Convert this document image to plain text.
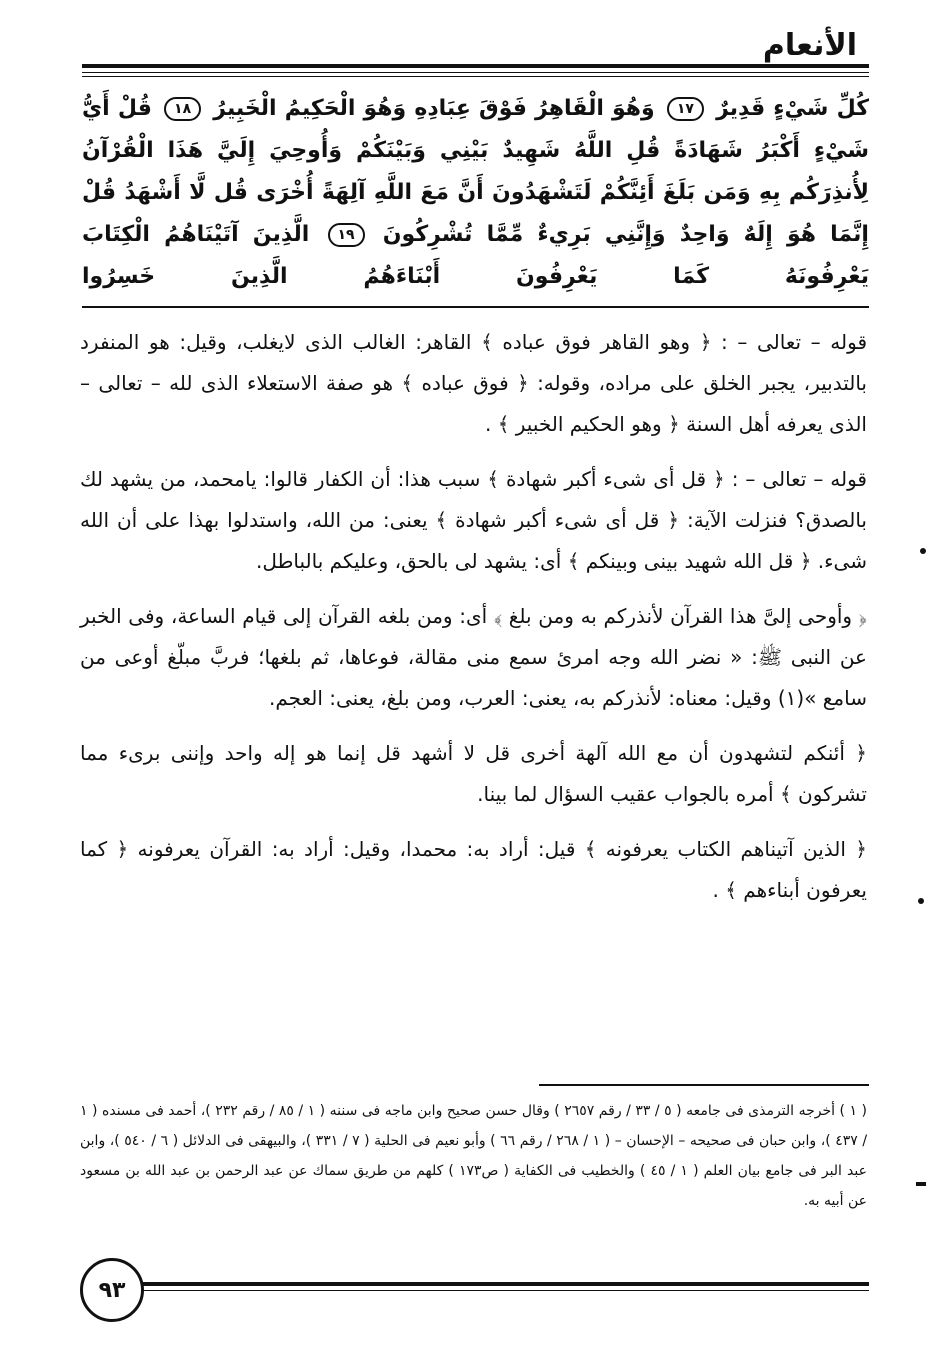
الأنعام
كُلِّ شَيْءٍ قَدِيرٌ ١٧ وَهُوَ الْقَاهِرُ فَوْقَ عِبَادِهِ وَهُوَ الْحَكِيمُ الْخَبِيرُ ١٨ قُلْ أَيُّ شَيْءٍ أَكْبَرُ شَهَادَةً قُلِ اللَّهُ شَهِيدٌ بَيْنِي وَبَيْنَكُمْ وَأُوحِيَ إِلَيَّ هَذَا الْقُرْآنُ لِأُنذِرَكُم بِهِ وَمَن بَلَغَ أَئِنَّكُمْ لَتَشْهَدُونَ أَنَّ مَعَ اللَّهِ آلِهَةً أُخْرَى قُل لَّا أَشْهَدُ قُلْ إِنَّمَا هُوَ إِلَهٌ وَاحِدٌ وَإِنَّنِي بَرِيءٌ مِّمَّا تُشْرِكُونَ ١٩ الَّذِينَ آتَيْنَاهُمُ الْكِتَابَ يَعْرِفُونَهُ كَمَا يَعْرِفُونَ أَبْنَاءَهُمُ الَّذِينَ خَسِرُوا

قوله – تعالى – : ﴿ وهو القاهر فوق عباده ﴾ القاهر: الغالب الذى لايغلب، وقيل: هو المنفرد بالتدبير، يجبر الخلق على مراده، وقوله: ﴿ فوق عباده ﴾ هو صفة الاستعلاء الذى لله – تعالى – الذى يعرفه أهل السنة ﴿ وهو الحكيم الخبير ﴾ .

قوله – تعالى – : ﴿ قل أى شىء أكبر شهادة ﴾ سبب هذا: أن الكفار قالوا: يامحمد، من يشهد لك بالصدق؟ فنزلت الآية: ﴿ قل أى شىء أكبر شهادة ﴾ يعنى: من الله، واستدلوا بهذا على أن الله شىء. ﴿ قل الله شهيد بينى وبينكم ﴾ أى: يشهد لى بالحق، وعليكم بالباطل.

﴿ وأوحى إلىَّ هذا القرآن لأنذركم به ومن بلغ ﴾ أى: ومن بلغه القرآن إلى قيام الساعة، وفى الخبر عن النبى ﷺ: « نضر الله وجه امرئ سمع منى مقالة، فوعاها، ثم بلغها؛ فربَّ مبلّغ أوعى من سامع »(١) وقيل: معناه: لأنذركم به، يعنى: العرب، ومن بلغ، يعنى: العجم.

﴿ أئنكم لتشهدون أن مع الله آلهة أخرى قل لا أشهد قل إنما هو إله واحد وإننى برىء مما تشركون ﴾ أمره بالجواب عقيب السؤال لما بينا.

﴿ الذين آتيناهم الكتاب يعرفونه ﴾ قيل: أراد به: محمدا، وقيل: أراد به: القرآن يعرفونه ﴿ كما يعرفون أبناءهم ﴾ .

( ١ ) أخرجه الترمذى فى جامعه ( ٥ / ٣٣ / رقم ٢٦٥٧ ) وقال حسن صحيح وابن ماجه فى سننه ( ١ / ٨٥ / رقم ٢٣٢ )، أحمد فى مسنده ( ١ / ٤٣٧ )، وابن حبان فى صحيحه – الإحسان – ( ١ / ٢٦٨ / رقم ٦٦ ) وأبو نعيم فى الحلية ( ٧ / ٣٣١ )، والبيهقى فى الدلائل ( ٦ / ٥٤٠ )، وابن عبد البر فى جامع بيان العلم ( ١ / ٤٥ ) والخطيب فى الكفاية ( ص١٧٣ ) كلهم من طريق سماك عن عبد الرحمن بن عبد الله بن مسعود عن أبيه به.
٩٣
